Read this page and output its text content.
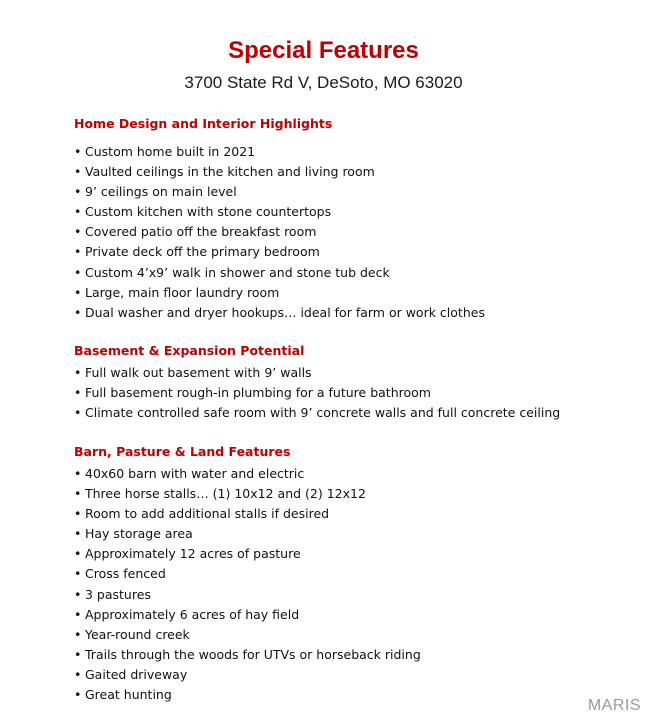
Special Features
3700 State Rd V, DeSoto, MO 63020
Home Design and Interior Highlights
• Custom home built in 2021
• Vaulted ceilings in the kitchen and living room
• 9’ ceilings on main level
• Custom kitchen with stone countertops
• Covered patio off the breakfast room
• Private deck off the primary bedroom
• Custom 4’x9’ walk in shower and stone tub deck
• Large, main floor laundry room
• Dual washer and dryer hookups… ideal for farm or work clothes
Basement & Expansion Potential
• Full walk out basement with 9’ walls
• Full basement rough-in plumbing for a future bathroom
• Climate controlled safe room with 9’ concrete walls and full concrete ceiling
Barn, Pasture & Land Features
• 40x60 barn with water and electric
• Three horse stalls… (1) 10x12 and (2) 12x12
• Room to add additional stalls if desired
• Hay storage area
• Approximately 12 acres of pasture
• Cross fenced
• 3 pastures
• Approximately 6 acres of hay field
• Year-round creek
• Trails through the woods for UTVs or horseback riding
• Gaited driveway
• Great hunting
MARIS
